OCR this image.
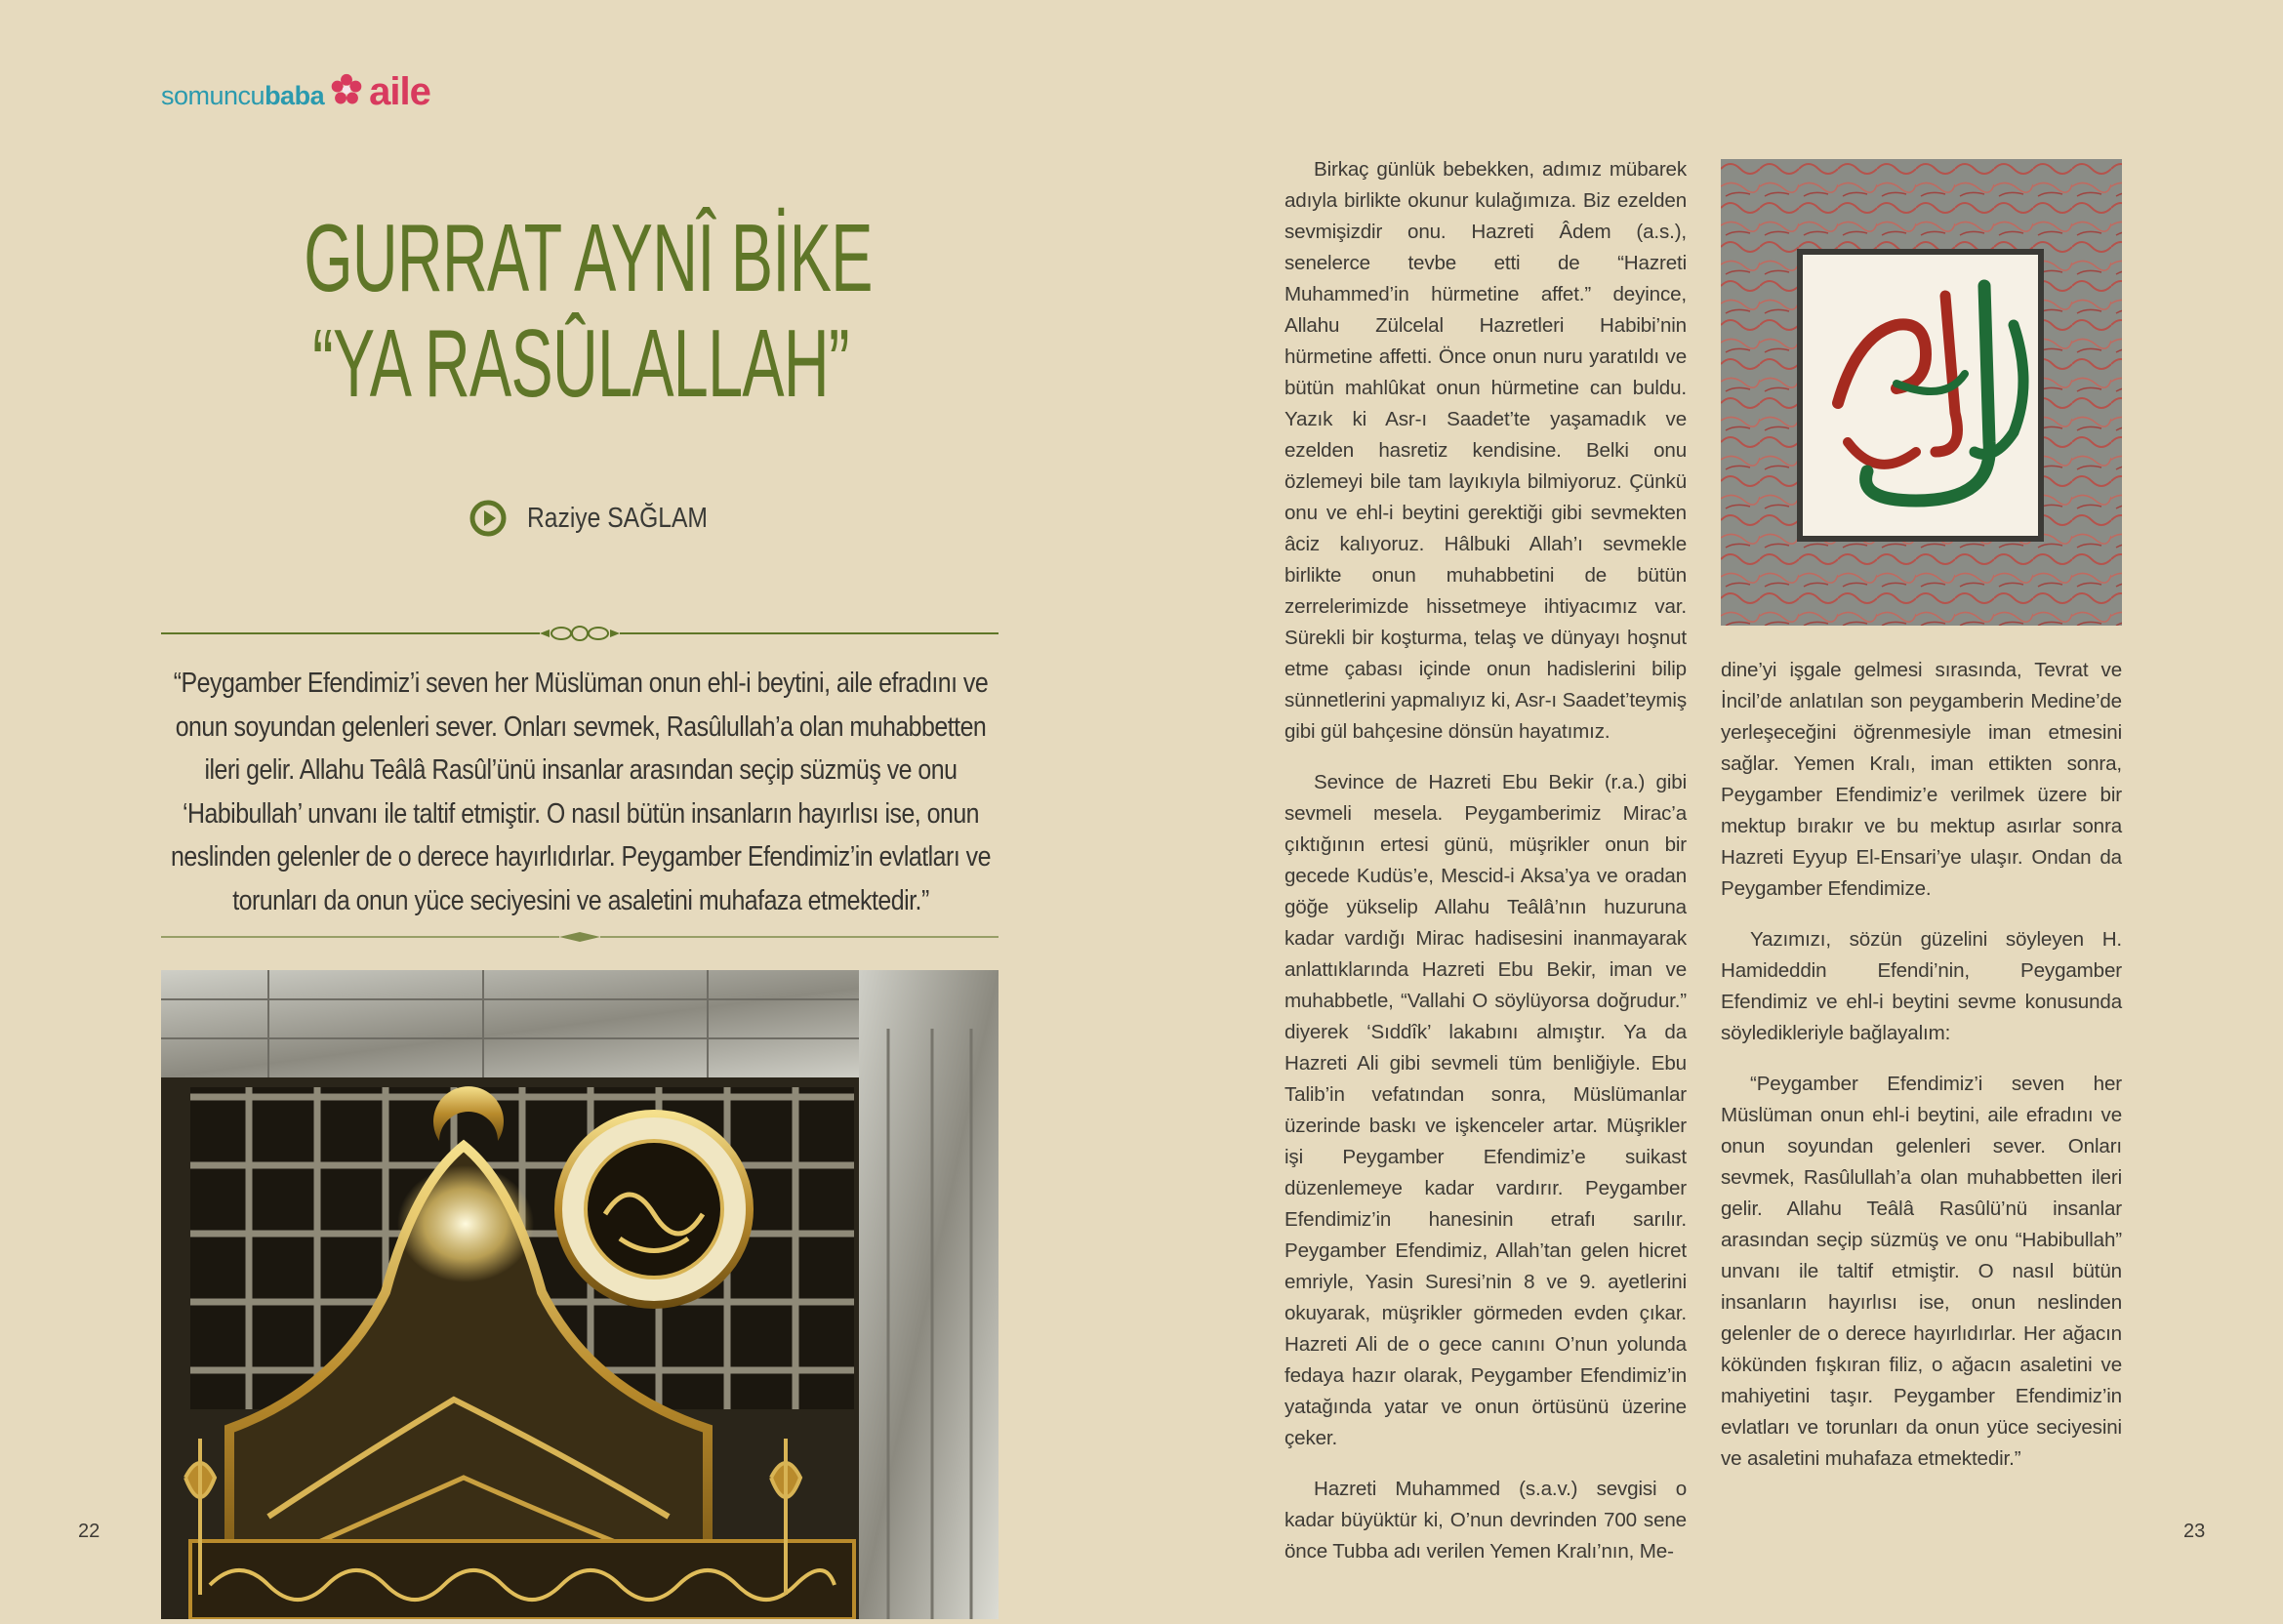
somuncu baba aile
GURRAT AYNÎ BİKE
“YA RASÛLALLAH”
Raziye SAĞLAM
“Peygamber Efendimiz’i seven her Müslüman onun ehl-i beytini, aile efradını ve onun soyundan gelenleri sever. Onları sevmek, Rasûlullah’a olan muhabbetten ileri gelir. Allahu Teâlâ Rasûl’ünü insanlar arasından seçip süzmüş ve onu ‘Habibullah’ unvanı ile taltif etmiştir. O nasıl bütün insanların hayırlısı ise, onun neslinden gelenler de o derece hayırlıdırlar. Peygamber Efendimiz’in evlatları ve torunları da onun yüce seciyesini ve asaletini muhafaza etmektedir.”

Birkaç günlük bebekken, adımız mübarek adıyla birlikte okunur kulağımıza. Biz ezelden sevmişizdir onu. Hazreti Âdem (a.s.), senelerce tevbe etti de “Hazreti Muhammed’in hürmetine affet.” deyince, Allahu Zülcelal Hazretleri Habibi’nin hürmetine affetti. Önce onun nuru yaratıldı ve bütün mahlûkat onun hürmetine can buldu. Yazık ki Asr-ı Saadet’te yaşamadık ve ezelden hasretiz kendisine. Belki onu özlemeyi bile tam layıkıyla bilmiyoruz. Çünkü onu ve ehl-i beytini gerektiği gibi sevmekten âciz kalıyoruz. Hâlbuki Allah’ı sevmekle birlikte onun muhabbetini de bütün zerrelerimizde hissetmeye ihtiyacımız var. Sürekli bir koşturma, telaş ve dünyayı hoşnut etme çabası içinde onun hadislerini bilip sünnetlerini yapmalıyız ki, Asr-ı Saadet’teymiş gibi gül bahçesine dönsün hayatımız.

Sevince de Hazreti Ebu Bekir (r.a.) gibi sevmeli mesela. Peygamberimiz Mirac’a çıktığının ertesi günü, müşrikler onun bir gecede Kudüs’e, Mescid-i Aksa’ya ve oradan göğe yükselip Allahu Teâlâ’nın huzuruna kadar vardığı Mirac hadisesini inanmayarak anlattıklarında Hazreti Ebu Bekir, iman ve muhabbetle, “Vallahi O söylüyorsa doğrudur.” diyerek ‘Sıddîk’ lakabını almıştır. Ya da Hazreti Ali gibi sevmeli tüm benliğiyle. Ebu Talib’in vefatından sonra, Müslümanlar üzerinde baskı ve işkenceler artar. Müşrikler işi Peygamber Efendimiz’e suikast düzenlemeye kadar vardırır. Peygamber Efendimiz’in hanesinin etrafı sarılır. Peygamber Efendimiz, Allah’tan gelen hicret emriyle, Yasin Suresi’nin 8 ve 9. ayetlerini okuyarak, müşrikler görmeden evden çıkar. Hazreti Ali de o gece canını O’nun yolunda fedaya hazır olarak, Peygamber Efendimiz’in yatağında yatar ve onun örtüsünü üzerine çeker.

Hazreti Muhammed (s.a.v.) sevgisi o kadar büyüktür ki, O’nun devrinden 700 sene önce Tubba adı verilen Yemen Kralı’nın, Me-

dine’yi işgale gelmesi sırasında, Tevrat ve İncil’de anlatılan son peygamberin Medine’de yerleşeceğini öğrenmesiyle iman etmesini sağlar. Yemen Kralı, iman ettikten sonra, Peygamber Efendimiz’e verilmek üzere bir mektup bırakır ve bu mektup asırlar sonra Hazreti Eyyup El-Ensari’ye ulaşır. Ondan da Peygamber Efendimize.

Yazımızı, sözün güzelini söyleyen H. Hamideddin Efendi’nin, Peygamber Efendimiz ve ehl-i beytini sevme konusunda söyledikleriyle bağlayalım:

“Peygamber Efendimiz’i seven her Müslüman onun ehl-i beytini, aile efradını ve onun soyundan gelenleri sever. Onları sevmek, Rasûlullah’a olan muhabbetten ileri gelir. Allahu Teâlâ Rasûlü’nü insanlar arasından seçip süzmüş ve onu “Habibullah” unvanı ile taltif etmiştir. O nasıl bütün insanların hayırlısı ise, onun neslinden gelenler de o derece hayırlıdırlar. Her ağacın kökünden fışkıran filiz, o ağacın asaletini ve mahiyetini taşır. Peygamber Efendimiz’in evlatları ve torunları da onun yüce seciyesini ve asaletini muhafaza etmektedir.”

22	23
